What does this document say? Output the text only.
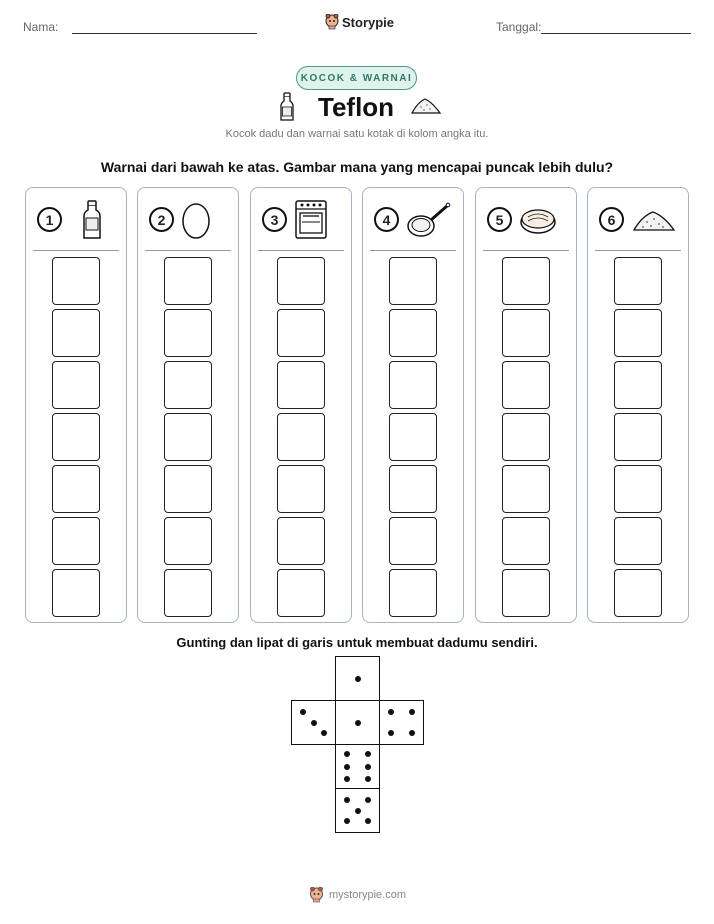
Nama:	Storypie	Tanggal:
KOCOK & WARNAI
Teflon
Kocok dadu dan warnai satu kotak di kolom angka itu.
Warnai dari bawah ke atas. Gambar mana yang mencapai puncak lebih dulu?
1	2	3	4	5	6
Gunting dan lipat di garis untuk membuat dadumu sendiri.
mystorypie.com
